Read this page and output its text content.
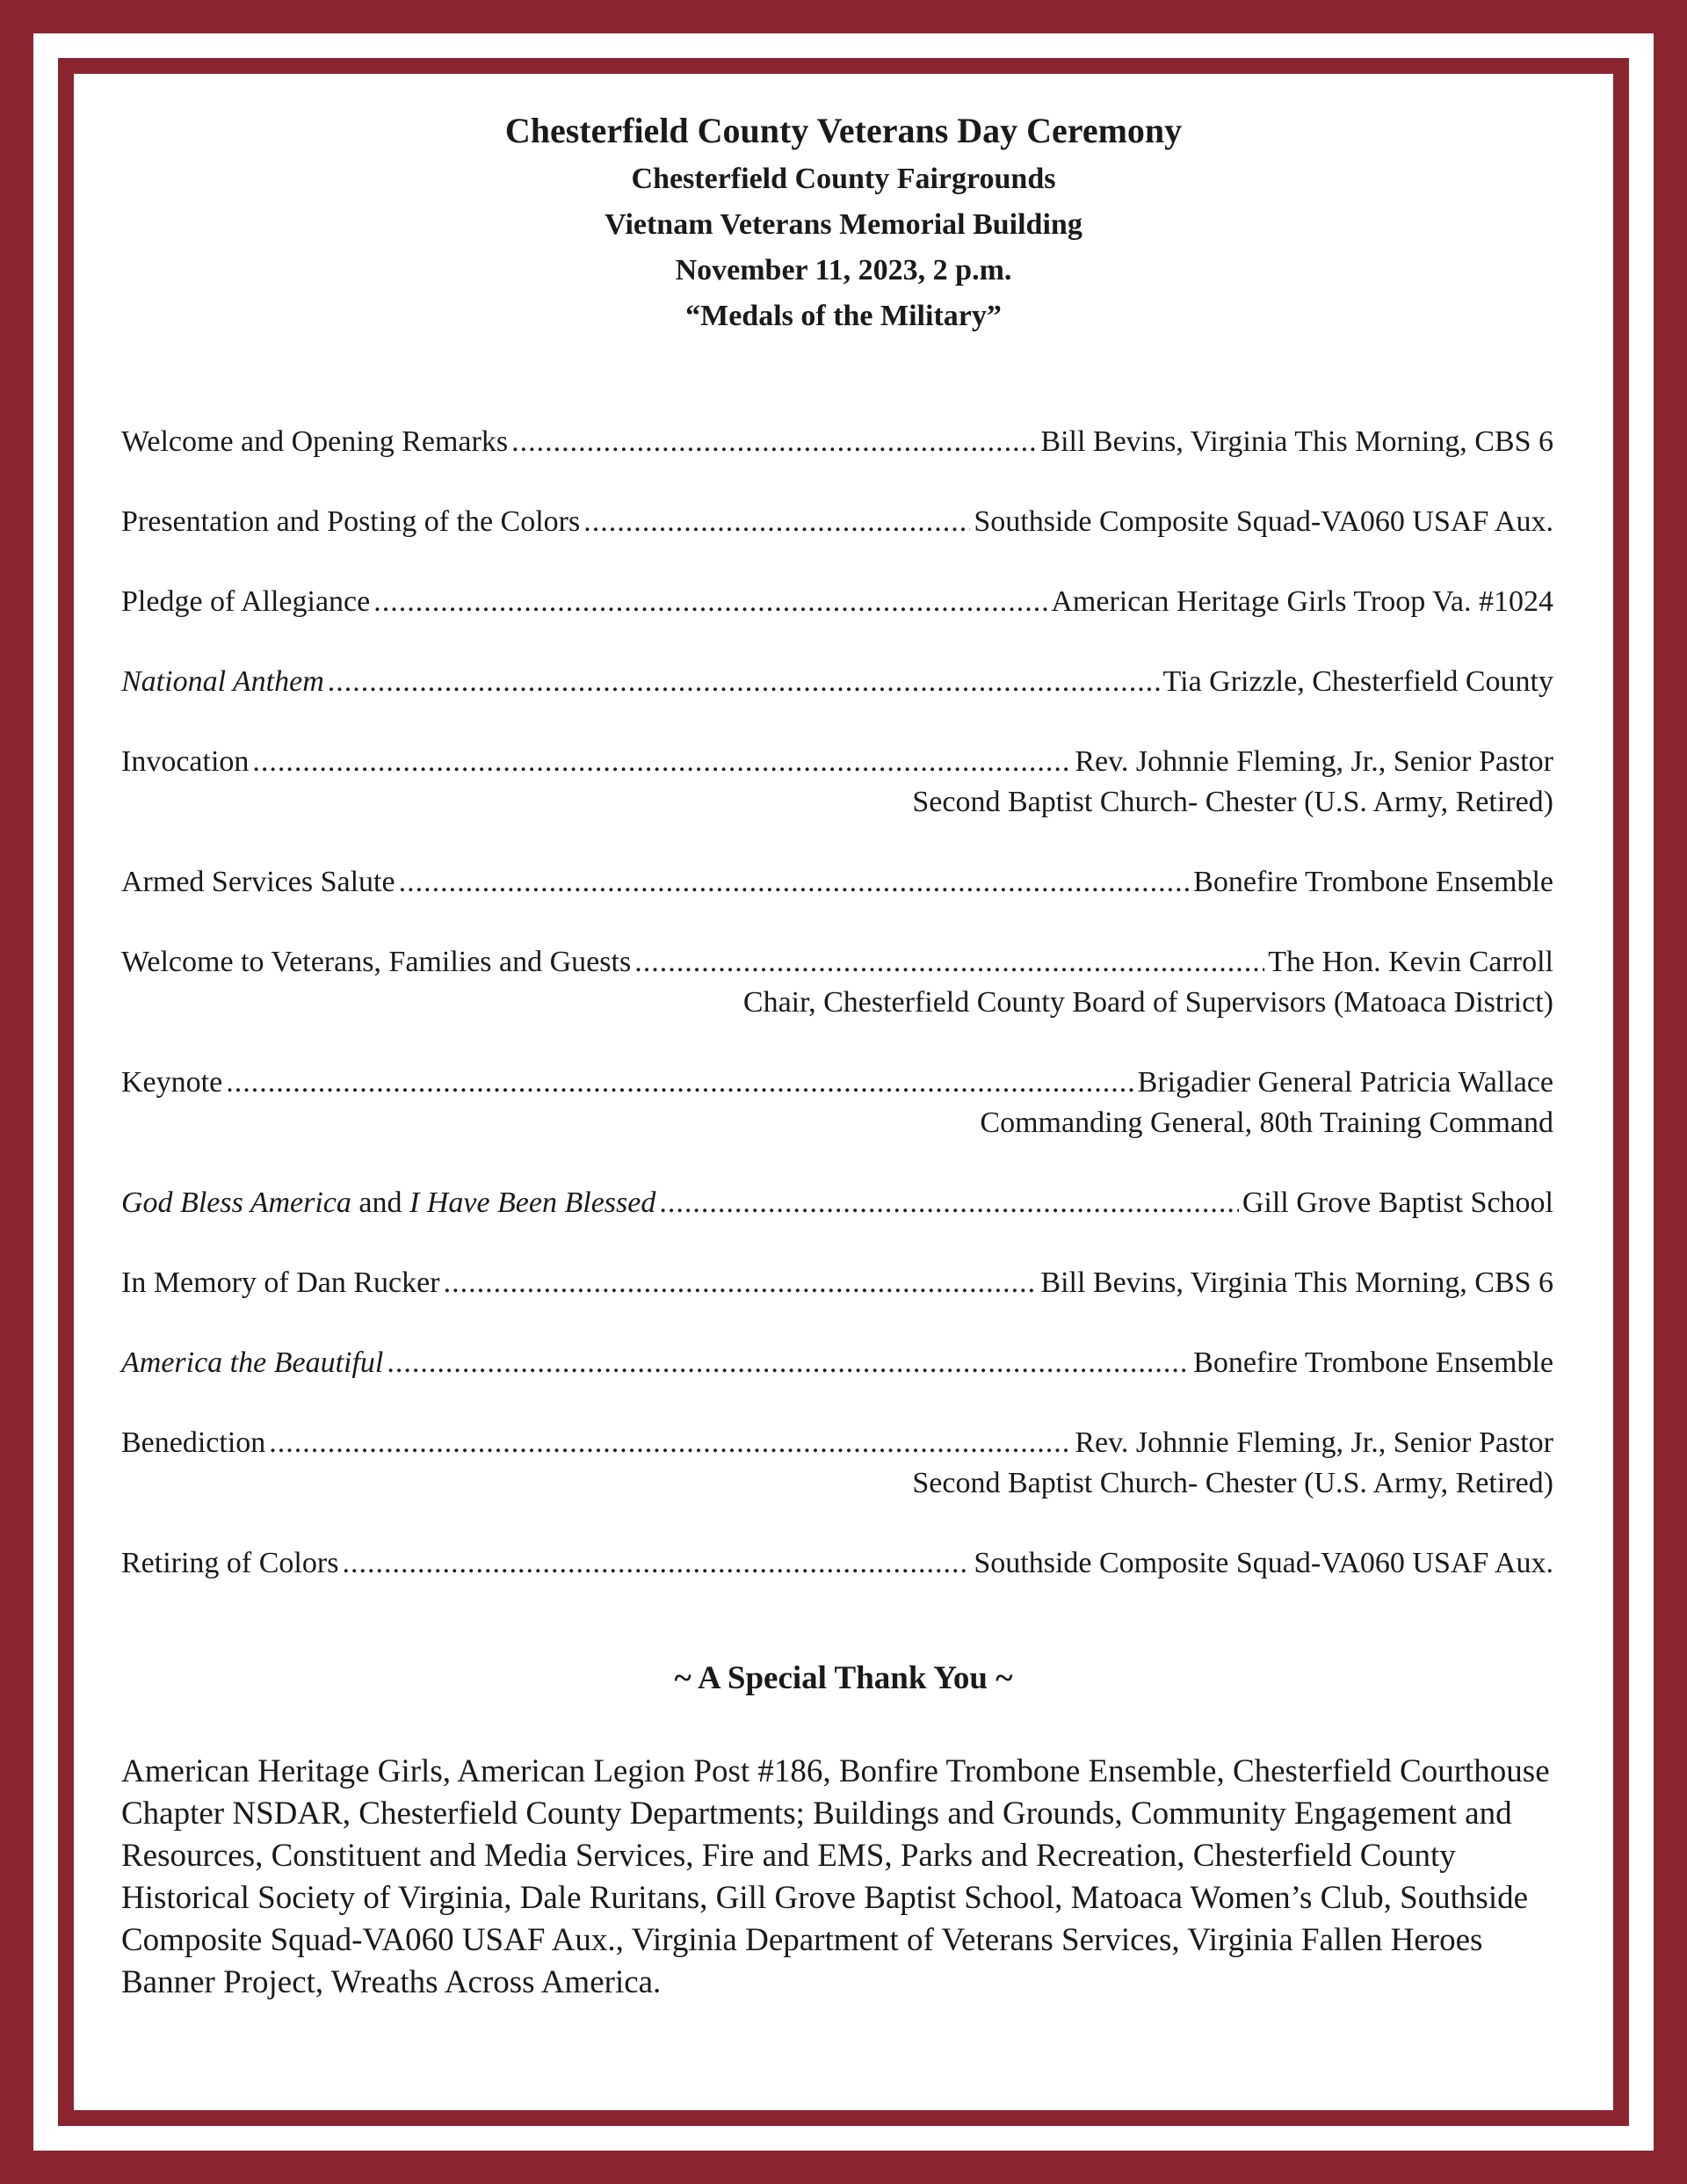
Chesterfield County Veterans Day Ceremony
Chesterfield County Fairgrounds
Vietnam Veterans Memorial Building
November 11, 2023, 2 p.m.
“Medals of the Military”
Welcome and Opening Remarks .....	Bill Bevins, Virginia This Morning, CBS 6
Presentation and Posting of the Colors .....	Southside Composite Squad-VA060 USAF Aux.
Pledge of Allegiance .....	American Heritage Girls Troop Va. #1024
National Anthem .....	Tia Grizzle, Chesterfield County
Invocation .....	Rev. Johnnie Fleming, Jr., Senior Pastor
Second Baptist Church- Chester (U.S. Army, Retired)
Armed Services Salute .....	Bonefire Trombone Ensemble
Welcome to Veterans, Families and Guests .....	The Hon. Kevin Carroll
Chair, Chesterfield County Board of Supervisors (Matoaca District)
Keynote .....	Brigadier General Patricia Wallace
Commanding General, 80th Training Command
God Bless America and I Have Been Blessed .....	Gill Grove Baptist School
In Memory of Dan Rucker .....	Bill Bevins, Virginia This Morning, CBS 6
America the Beautiful .....	Bonefire Trombone Ensemble
Benediction .....	Rev. Johnnie Fleming, Jr., Senior Pastor
Second Baptist Church- Chester (U.S. Army, Retired)
Retiring of Colors .....	Southside Composite Squad-VA060 USAF Aux.
~ A Special Thank You ~
American Heritage Girls, American Legion Post #186, Bonfire Trombone Ensemble, Chesterfield Courthouse Chapter NSDAR, Chesterfield County Departments; Buildings and Grounds, Community Engagement and Resources, Constituent and Media Services, Fire and EMS, Parks and Recreation, Chesterfield County Historical Society of Virginia, Dale Ruritans, Gill Grove Baptist School, Matoaca Women’s Club, Southside Composite Squad-VA060 USAF Aux., Virginia Department of Veterans Services, Virginia Fallen Heroes Banner Project, Wreaths Across America.
